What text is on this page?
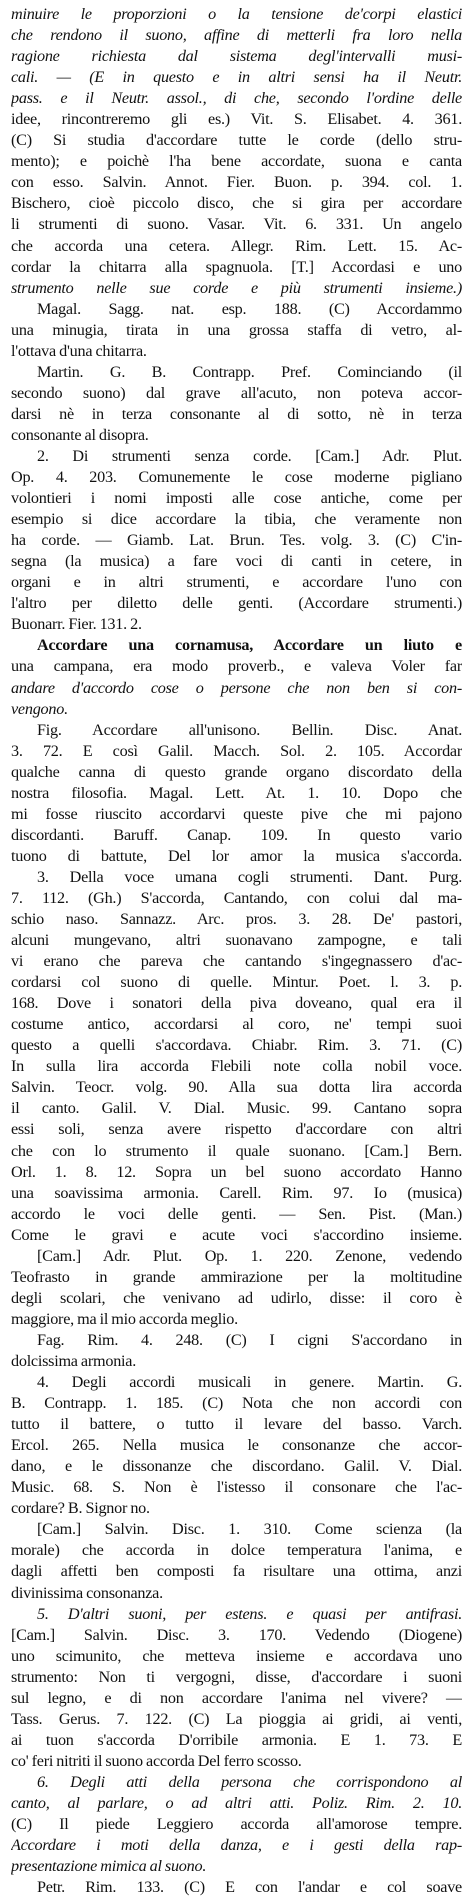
minuire le proporzioni o la tensione de'corpi elastici
che rendono il suono, affine di metterli fra loro nella
ragione richiesta dal sistema degl'intervalli musi-
cali. — (E in questo e in altri sensi ha il Neutr.
pass. e il Neutr. assol., di che, secondo l'ordine delle
idee, rincontreremo gli es.) Vit. S. Elisabet. 4. 361.
(C) Si studia d'accordare tutte le corde (dello stru-
mento); e poichè l'ha bene accordate, suona e canta
con esso. Salvin. Annot. Fier. Buon. p. 394. col. 1.
Bischero, cioè piccolo disco, che si gira per accordare
li strumenti di suono. Vasar. Vit. 6. 331. Un angelo
che accorda una cetera. Allegr. Rim. Lett. 15. Ac-
cordar la chitarra alla spagnuola. [T.] Accordasi e uno
strumento nelle sue corde e più strumenti insieme.)
Magal. Sagg. nat. esp. 188. (C) Accordammo
una minugia, tirata in una grossa staffa di vetro, al-
l'ottava d'una chitarra.
Martin. G. B. Contrapp. Pref. Cominciando (il
secondo suono) dal grave all'acuto, non poteva accor-
darsi nè in terza consonante al di sotto, nè in terza
consonante al disopra.
2. Di strumenti senza corde. [Cam.] Adr. Plut.
Op. 4. 203. Comunemente le cose moderne pigliano
volontieri i nomi imposti alle cose antiche, come per
esempio si dice accordare la tibia, che veramente non
ha corde. — Giamb. Lat. Brun. Tes. volg. 3. (C) C'in-
segna (la musica) a fare voci di canti in cetere, in
organi e in altri strumenti, e accordare l'uno con
l'altro per diletto delle genti. (Accordare strumenti.)
Buonarr. Fier. 131. 2.
Accordare una cornamusa, Accordare un liuto e
una campana, era modo proverb., e valeva Voler far
andare d'accordo cose o persone che non ben si con-
vengono.
Fig. Accordare all'unisono. Bellin. Disc. Anat.
3. 72. E così Galil. Macch. Sol. 2. 105. Accordar
qualche canna di questo grande organo discordato della
nostra filosofia. Magal. Lett. At. 1. 10. Dopo che
mi fosse riuscito accordarvi queste pive che mi pajono
discordanti. Baruff. Canap. 109. In questo vario
tuono di battute, Del lor amor la musica s'accorda.
3. Della voce umana cogli strumenti. Dant. Purg.
7. 112. (Gh.) S'accorda, Cantando, con colui dal ma-
schio naso. Sannazz. Arc. pros. 3. 28. De' pastori,
alcuni mungevano, altri suonavano zampogne, e tali
vi erano che pareva che cantando s'ingegnassero d'ac-
cordarsi col suono di quelle. Mintur. Poet. l. 3. p.
168. Dove i sonatori della piva doveano, qual era il
costume antico, accordarsi al coro, ne' tempi suoi
questo a quelli s'accordava. Chiabr. Rim. 3. 71. (C)
In sulla lira accorda Flebili note colla nobil voce.
Salvin. Teocr. volg. 90. Alla sua dotta lira accorda
il canto. Galil. V. Dial. Music. 99. Cantano sopra
essi soli, senza avere rispetto d'accordare con altri
che con lo strumento il quale suonano. [Cam.] Bern.
Orl. 1. 8. 12. Sopra un bel suono accordato Hanno
una soavissima armonia. Carell. Rim. 97. Io (musica)
accordo le voci delle genti. — Sen. Pist. (Man.)
Come le gravi e acute voci s'accordino insieme.
[Cam.] Adr. Plut. Op. 1. 220. Zenone, vedendo
Teofrasto in grande ammirazione per la moltitudine
degli scolari, che venivano ad udirlo, disse: il coro è
maggiore, ma il mio accorda meglio.
Fag. Rim. 4. 248. (C) I cigni S'accordano in
dolcissima armonia.
4. Degli accordi musicali in genere. Martin. G.
B. Contrapp. 1. 185. (C) Nota che non accordi con
tutto il battere, o tutto il levare del basso. Varch.
Ercol. 265. Nella musica le consonanze che accor-
dano, e le dissonanze che discordano. Galil. V. Dial.
Music. 68. S. Non è l'istesso il consonare che l'ac-
cordare? B. Signor no.
[Cam.] Salvin. Disc. 1. 310. Come scienza (la
morale) che accorda in dolce temperatura l'anima, e
dagli affetti ben composti fa risultare una ottima, anzi
divinissima consonanza.
5. D'altri suoni, per estens. e quasi per antifrasi.
[Cam.] Salvin. Disc. 3. 170. Vedendo (Diogene)
uno scimunito, che metteva insieme e accordava uno
strumento: Non ti vergogni, disse, d'accordare i suoni
sul legno, e di non accordare l'anima nel vivere? —
Tass. Gerus. 7. 122. (C) La pioggia ai gridi, ai venti,
ai tuon s'accorda D'orribile armonia. E 1. 73. E
co' feri nitriti il suono accorda Del ferro scosso.
6. Degli atti della persona che corrispondono al
canto, al parlare, o ad altri atti. Poliz. Rim. 2. 10.
(C) Il piede Leggiero accorda all'amorose tempre.
Accordare i moti della danza, e i gesti della rap-
presentazione mimica al suono.
Petr. Rim. 133. (C) E con l'andar e col soave
